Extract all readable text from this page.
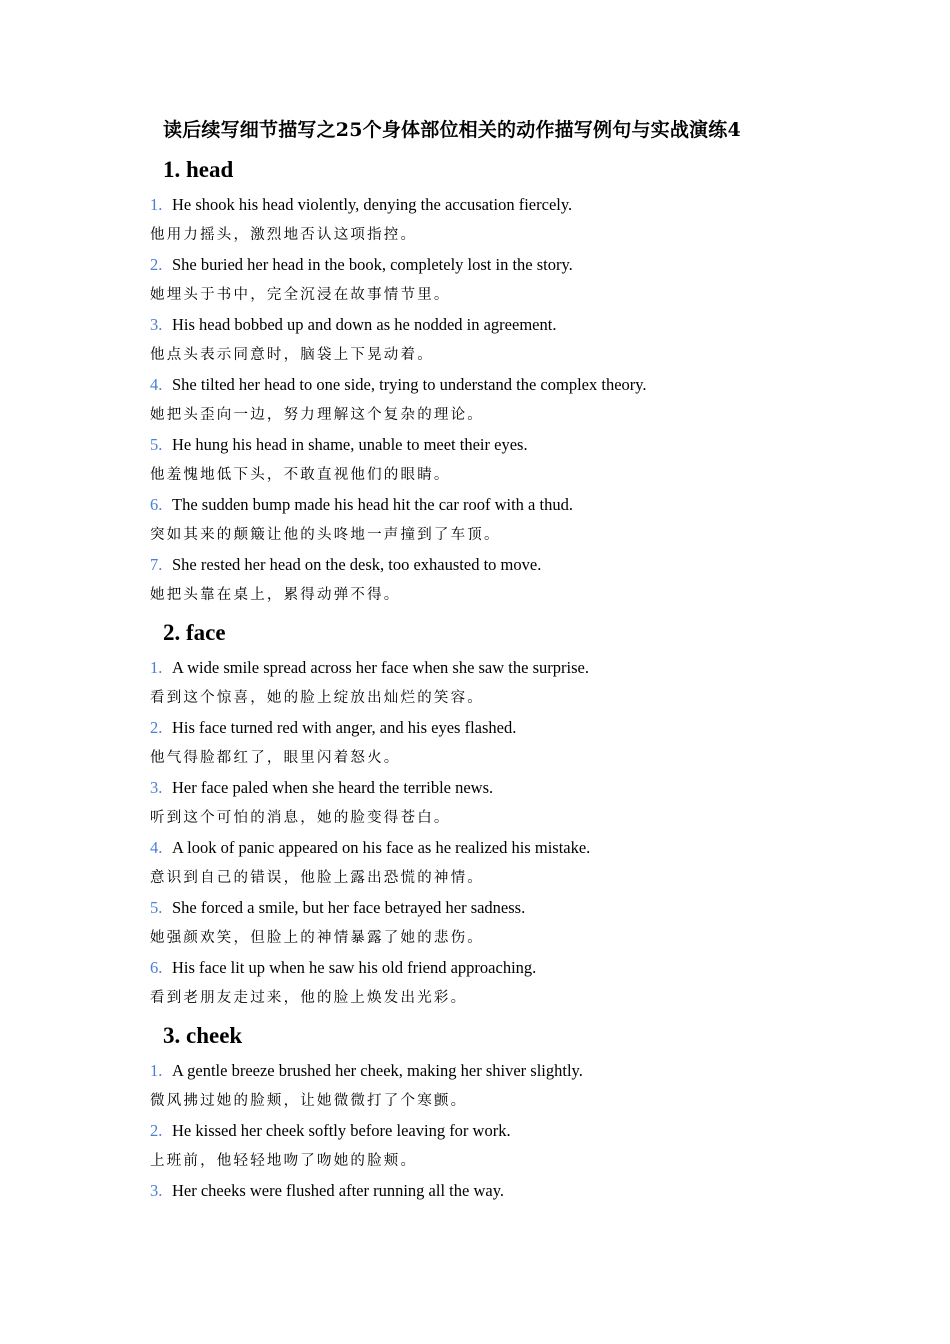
读后续写细节描写之25个身体部位相关的动作描写例句与实战演练4
1. head
1. He shook his head violently, denying the accusation fiercely.
他用力摇头，激烈地否认这项指控。
2. She buried her head in the book, completely lost in the story.
她埋头于书中，完全沉浸在故事情节里。
3. His head bobbed up and down as he nodded in agreement.
他点头表示同意时，脑袋上下晃动着。
4. She tilted her head to one side, trying to understand the complex theory.
她把头歪向一边，努力理解这个复杂的理论。
5. He hung his head in shame, unable to meet their eyes.
他羞愧地低下头，不敢直视他们的眼睛。
6. The sudden bump made his head hit the car roof with a thud.
突如其来的颠簸让他的头咚地一声撞到了车顶。
7. She rested her head on the desk, too exhausted to move.
她把头靠在桌上，累得动弹不得。
2. face
1. A wide smile spread across her face when she saw the surprise.
看到这个惊喜，她的脸上绽放出灿烂的笑容。
2. His face turned red with anger, and his eyes flashed.
他气得脸都红了，眼里闪着怒火。
3. Her face paled when she heard the terrible news.
听到这个可怕的消息，她的脸变得苍白。
4. A look of panic appeared on his face as he realized his mistake.
意识到自己的错误，他脸上露出恐慌的神情。
5. She forced a smile, but her face betrayed her sadness.
她强颜欢笑，但脸上的神情暴露了她的悲伤。
6. His face lit up when he saw his old friend approaching.
看到老朋友走过来，他的脸上焕发出光彩。
3. cheek
1. A gentle breeze brushed her cheek, making her shiver slightly.
微风拂过她的脸颊，让她微微打了个寒颤。
2. He kissed her cheek softly before leaving for work.
上班前，他轻轻地吻了吻她的脸颊。
3. Her cheeks were flushed after running all the way.
